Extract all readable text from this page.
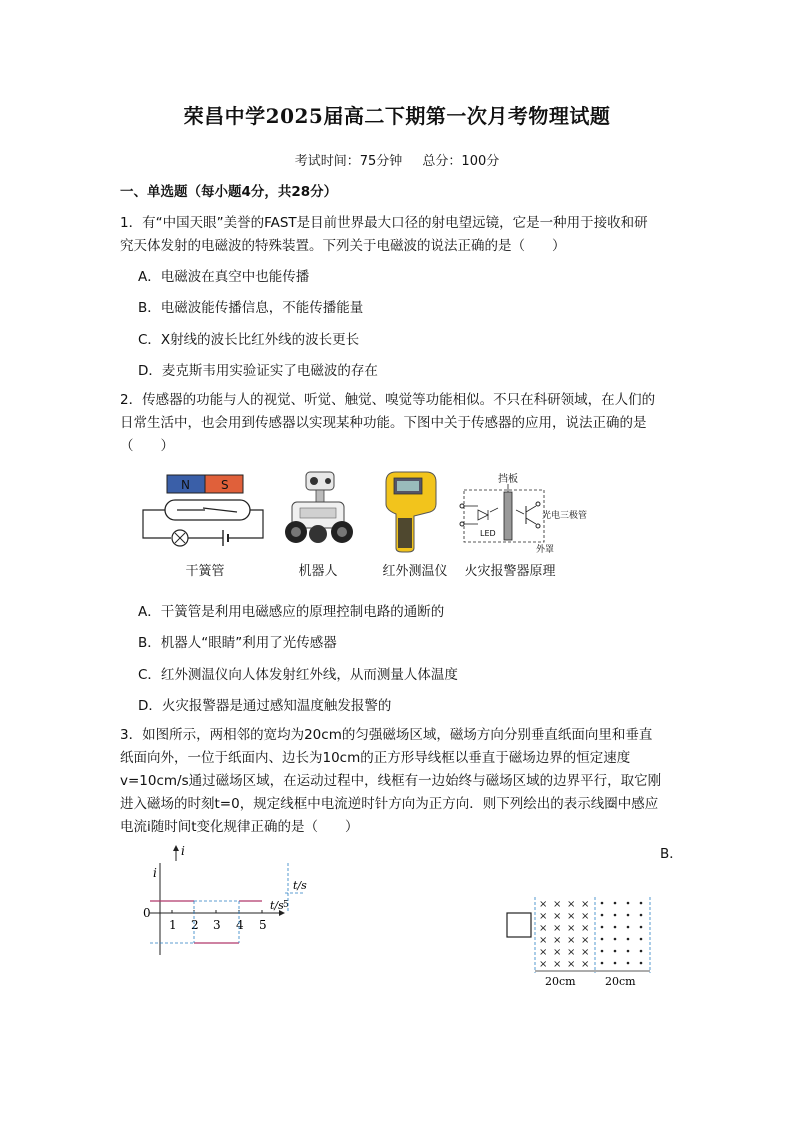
荣昌中学2025届高二下期第一次月考物理试题
考试时间：75分钟 总分：100分
一、单选题（每小题4分，共28分）
1．有“中国天眼”美誉的FAST是目前世界最大口径的射电望远镜，它是一种用于接收和研
究天体发射的电磁波的特殊装置。下列关于电磁波的说法正确的是（　　）
A．电磁波在真空中也能传播
B．电磁波能传播信息，不能传播能量
C．X射线的波长比红外线的波长更长
D．麦克斯韦用实验证实了电磁波的存在
2．传感器的功能与人的视觉、听觉、触觉、嗅觉等功能相似。不只在科研领域，在人们的
日常生活中，也会用到传感器以实现某种功能。下图中关于传感器的应用，说法正确的是
（　　）
N	S
干簧管	机器人	红外测温仪
挡板
LED
光电三极管
外罩
火灾报警器原理
A．干簧管是利用电磁感应的原理控制电路的通断的
B．机器人“眼睛”利用了光传感器
C．红外测温仪向人体发射红外线，从而测量人体温度
D．火灾报警器是通过感知温度触发报警的
3．如图所示，两相邻的宽均为20cm的匀强磁场区域，磁场方向分别垂直纸面向里和垂直
纸面向外，一位于纸面内、边长为10cm的正方形导线框以垂直于磁场边界的恒定速度
v=10cm/s通过磁场区域，在运动过程中，线框有一边始终与磁场区域的边界平行，取它刚
进入磁场的时刻t=0，规定线框中电流逆时针方向为正方向．则下列绘出的表示线圈中感应
电流i随时间t变化规律正确的是（　　）
B．
i
i
0
t/s
t/s
5
1 2 3 4 5
× × × ×
× × × ×
× × × ×
× × × ×
× × × ×
× × × ×
20cm	20cm
